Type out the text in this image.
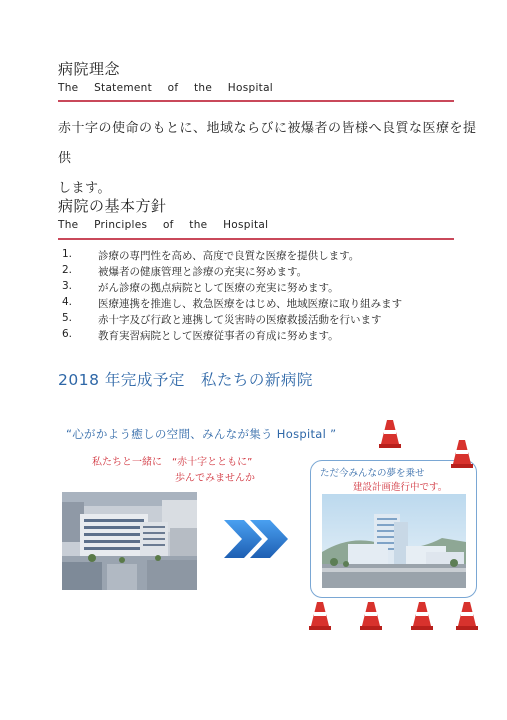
病院理念
The Statement of the Hospital
赤十字の使命のもとに、地域ならびに被爆者の皆様へ良質な医療を提供
します。
病院の基本方針
The Principles of the Hospital
1.	診療の専門性を高め、高度で良質な医療を提供します。
2.	被爆者の健康管理と診療の充実に努めます。
3.	がん診療の拠点病院として医療の充実に努めます。
4.	医療連携を推進し、救急医療をはじめ、地域医療に取り組みます
5.	赤十字及び行政と連携して災害時の医療救援活動を行います
6.	教育実習病院として医療従事者の育成に努めます。
2018 年完成予定　私たちの新病院
“心がかよう癒しの空間、みんなが集う Hospital ”
私たちと一緒に　“赤十字とともに”
歩んでみませんか	ただ今みんなの夢を乗せ
建設計画進行中です。
